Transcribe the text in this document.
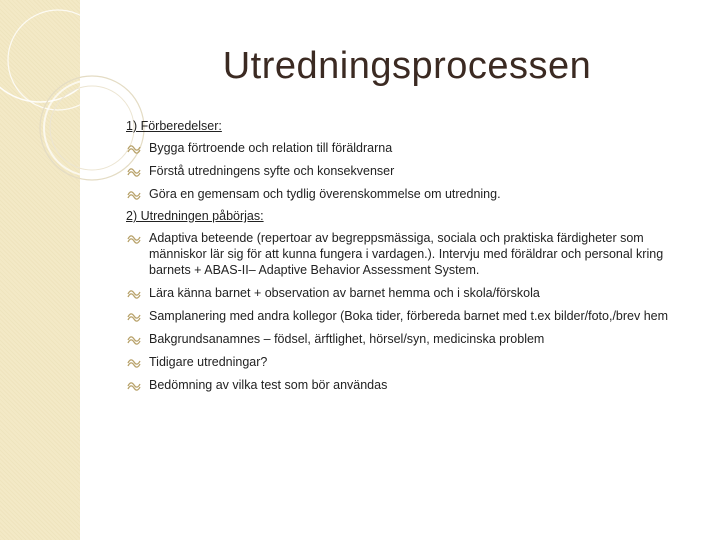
Utredningsprocessen
1) Förberedelser:
Bygga förtroende och relation till föräldrarna
Förstå utredningens syfte och konsekvenser
Göra en gemensam och tydlig överenskommelse om utredning.
2) Utredningen påbörjas:
Adaptiva beteende (repertoar av begreppsmässiga, sociala och praktiska färdigheter som människor lär sig för att kunna fungera i vardagen.). Intervju med föräldrar och personal kring barnets + ABAS-II– Adaptive Behavior Assessment System.
Lära känna barnet + observation av barnet hemma och i skola/förskola
Samplanering med andra kollegor (Boka tider, förbereda barnet med t.ex bilder/foto,/brev hem
Bakgrundsanamnes – födsel, ärftlighet, hörsel/syn, medicinska problem
Tidigare utredningar?
Bedömning av vilka test som bör användas
